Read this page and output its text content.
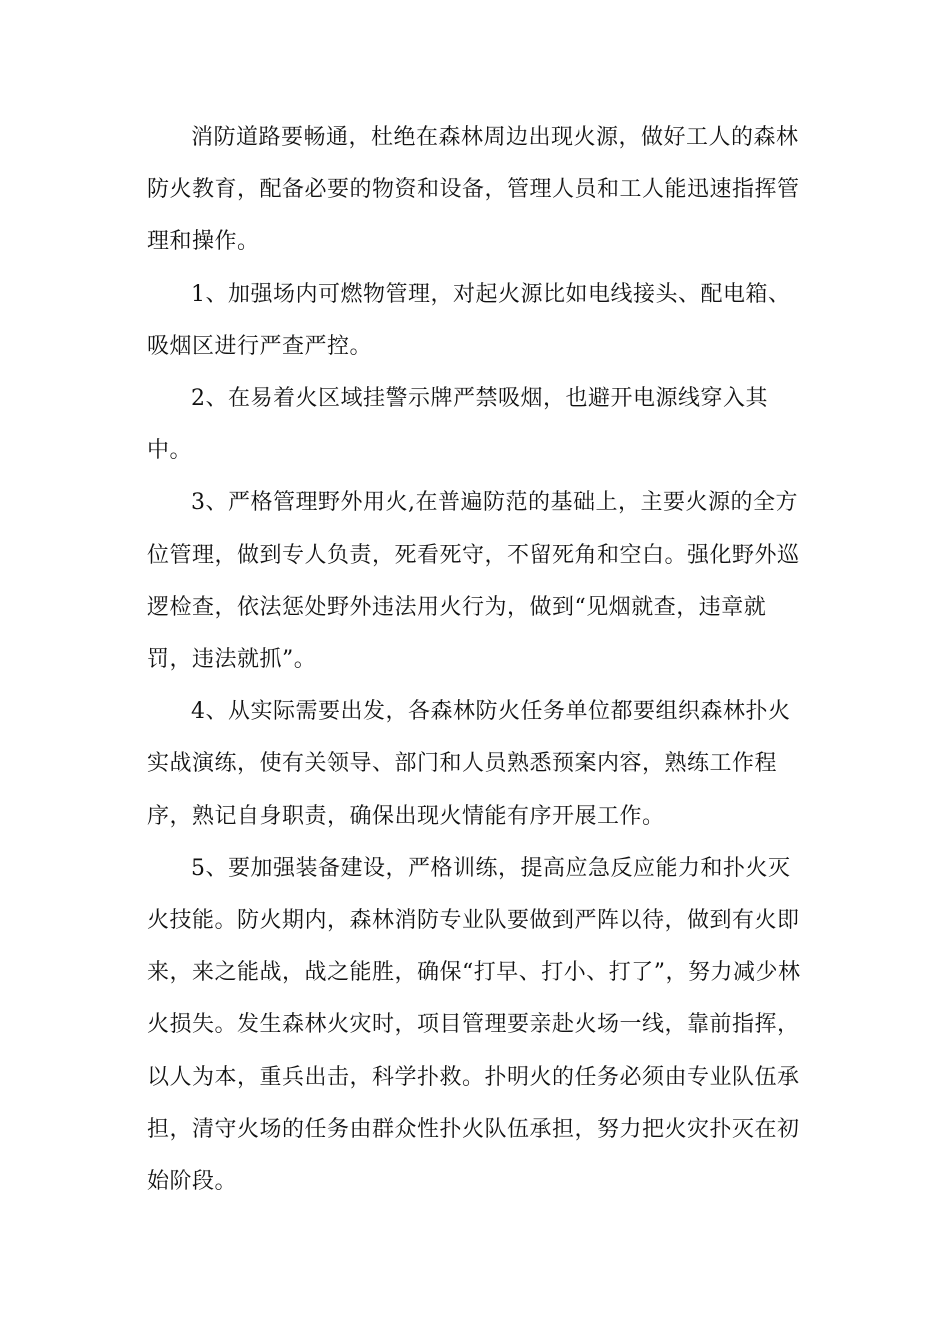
消防道路要畅通，杜绝在森林周边出现火源，做好工人的森林
防火教育，配备必要的物资和设备，管理人员和工人能迅速指挥管
理和操作。

1、加强场内可燃物管理，对起火源比如电线接头、配电箱、
吸烟区进行严查严控。

2、在易着火区域挂警示牌严禁吸烟，也避开电源线穿入其
中。

3、严格管理野外用火,在普遍防范的基础上，主要火源的全方
位管理，做到专人负责，死看死守，不留死角和空白。强化野外巡
逻检查，依法惩处野外违法用火行为，做到“见烟就查，违章就
罚，违法就抓”。

4、从实际需要出发，各森林防火任务单位都要组织森林扑火
实战演练，使有关领导、部门和人员熟悉预案内容，熟练工作程
序，熟记自身职责，确保出现火情能有序开展工作。

5、要加强装备建设，严格训练，提高应急反应能力和扑火灭
火技能。防火期内，森林消防专业队要做到严阵以待，做到有火即
来，来之能战，战之能胜，确保“打早、打小、打了”，努力减少林
火损失。发生森林火灾时，项目管理要亲赴火场一线，靠前指挥，
以人为本，重兵出击，科学扑救。扑明火的任务必须由专业队伍承
担，清守火场的任务由群众性扑火队伍承担，努力把火灾扑灭在初
始阶段。
